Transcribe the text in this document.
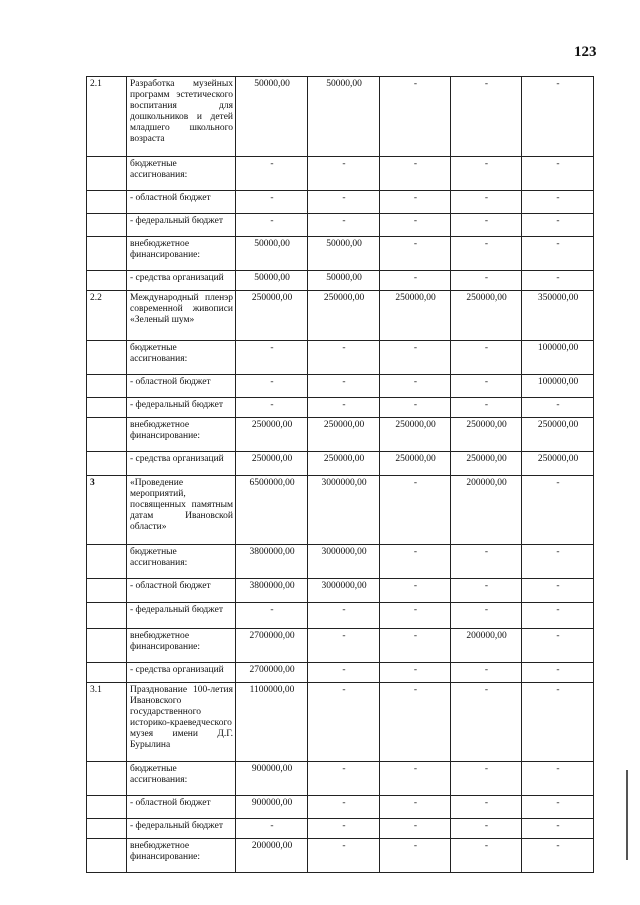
123
2.1	Разработка музейных программ эстетического воспитания для дошкольников и детей младшего школьного возраста	50000,00	50000,00	-	-	-
	бюджетные ассигнования:	-	-	-	-	-
	- областной бюджет	-	-	-	-	-
	- федеральный бюджет	-	-	-	-	-
	внебюджетное финансирование:	50000,00	50000,00	-	-	-
	- средства организаций	50000,00	50000,00	-	-	-
2.2	Международный пленэр современной живописи «Зеленый шум»	250000,00	250000,00	250000,00	250000,00	350000,00
	бюджетные ассигнования:	-	-	-	-	100000,00
	- областной бюджет	-	-	-	-	100000,00
	- федеральный бюджет	-	-	-	-	-
	внебюджетное финансирование:	250000,00	250000,00	250000,00	250000,00	250000,00
	- средства организаций	250000,00	250000,00	250000,00	250000,00	250000,00
3	«Проведение мероприятий, посвященных памятным датам Ивановской области»	6500000,00	3000000,00	-	200000,00	-
	бюджетные ассигнования:	3800000,00	3000000,00	-	-	-
	- областной бюджет	3800000,00	3000000,00	-	-	-
	- федеральный бюджет	-	-	-	-	-
	внебюджетное финансирование:	2700000,00	-	-	200000,00	-
	- средства организаций	2700000,00	-	-	-	-
3.1	Празднование 100-летия Ивановского государственного историко-краеведческого музея имени Д.Г. Бурылина	1100000,00	-	-	-	-
	бюджетные ассигнования:	900000,00	-	-	-	-
	- областной бюджет	900000,00	-	-	-	-
	- федеральный бюджет	-	-	-	-	-
	внебюджетное финансирование:	200000,00	-	-	-	-
